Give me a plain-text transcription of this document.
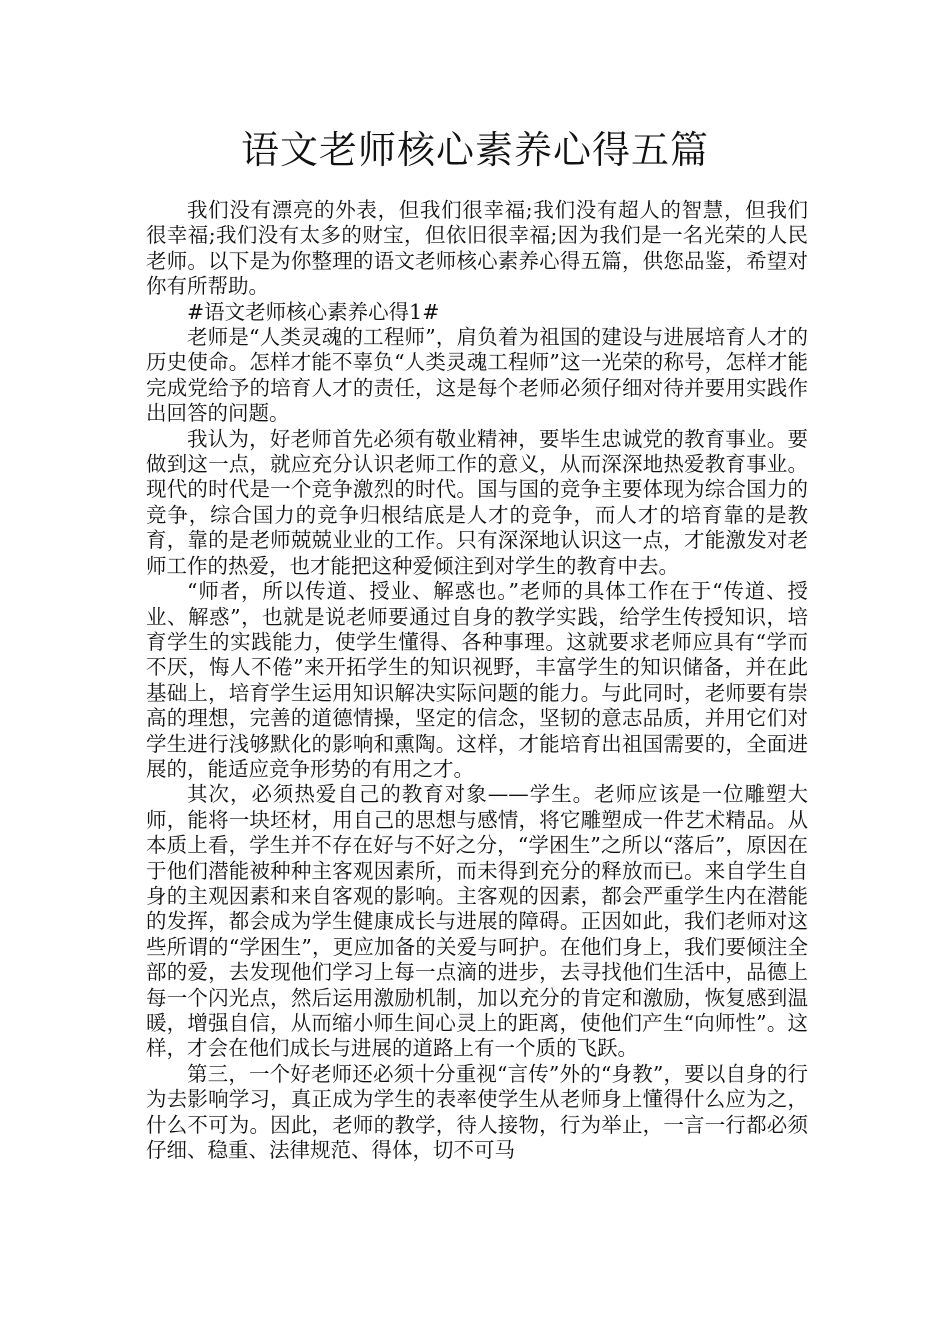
语文老师核心素养心得五篇

我们没有漂亮的外表，但我们很幸福;我们没有超人的智慧，但我们很幸福;我们没有太多的财宝，但依旧很幸福;因为我们是一名光荣的人民老师。以下是为你整理的语文老师核心素养心得五篇，供您品鉴，希望对你有所帮助。

#语文老师核心素养心得1#

老师是“人类灵魂的工程师”，肩负着为祖国的建设与进展培育人才的历史使命。怎样才能不辜负“人类灵魂工程师”这一光荣的称号，怎样才能完成党给予的培育人才的责任，这是每个老师必须仔细对待并要用实践作出回答的问题。

我认为，好老师首先必须有敬业精神，要毕生忠诚党的教育事业。要做到这一点，就应充分认识老师工作的意义，从而深深地热爱教育事业。现代的时代是一个竞争激烈的时代。国与国的竞争主要体现为综合国力的竞争，综合国力的竞争归根结底是人才的竞争，而人才的培育靠的是教育，靠的是老师兢兢业业的工作。只有深深地认识这一点，才能激发对老师工作的热爱，也才能把这种爱倾注到对学生的教育中去。

“师者，所以传道、授业、解惑也。”老师的具体工作在于“传道、授业、解惑”，也就是说老师要通过自身的教学实践，给学生传授知识，培育学生的实践能力，使学生懂得、各种事理。这就要求老师应具有“学而不厌，悔人不倦”来开拓学生的知识视野，丰富学生的知识储备，并在此基础上，培育学生运用知识解决实际问题的能力。与此同时，老师要有崇高的理想，完善的道德情操，坚定的信念，坚韧的意志品质，并用它们对学生进行浅够默化的影响和熏陶。这样，才能培育出祖国需要的，全面进展的，能适应竞争形势的有用之才。

其次，必须热爱自己的教育对象——学生。老师应该是一位雕塑大师，能将一块坯材，用自己的思想与感情，将它雕塑成一件艺术精品。从本质上看，学生并不存在好与不好之分，“学困生”之所以“落后”，原因在于他们潜能被种种主客观因素所，而未得到充分的释放而已。来自学生自身的主观因素和来自客观的影响。主客观的因素，都会严重学生内在潜能的发挥，都会成为学生健康成长与进展的障碍。正因如此，我们老师对这些所谓的“学困生”，更应加备的关爱与呵护。在他们身上，我们要倾注全部的爱，去发现他们学习上每一点滴的进步，去寻找他们生活中，品德上每一个闪光点，然后运用激励机制，加以充分的肯定和激励，恢复感到温暖，增强自信，从而缩小师生间心灵上的距离，使他们产生“向师性”。这样，才会在他们成长与进展的道路上有一个质的飞跃。

第三，一个好老师还必须十分重视“言传”外的“身教”，要以自身的行为去影响学习，真正成为学生的表率使学生从老师身上懂得什么应为之，什么不可为。因此，老师的教学，待人接物，行为举止，一言一行都必须仔细、稳重、法律规范、得体，切不可马
